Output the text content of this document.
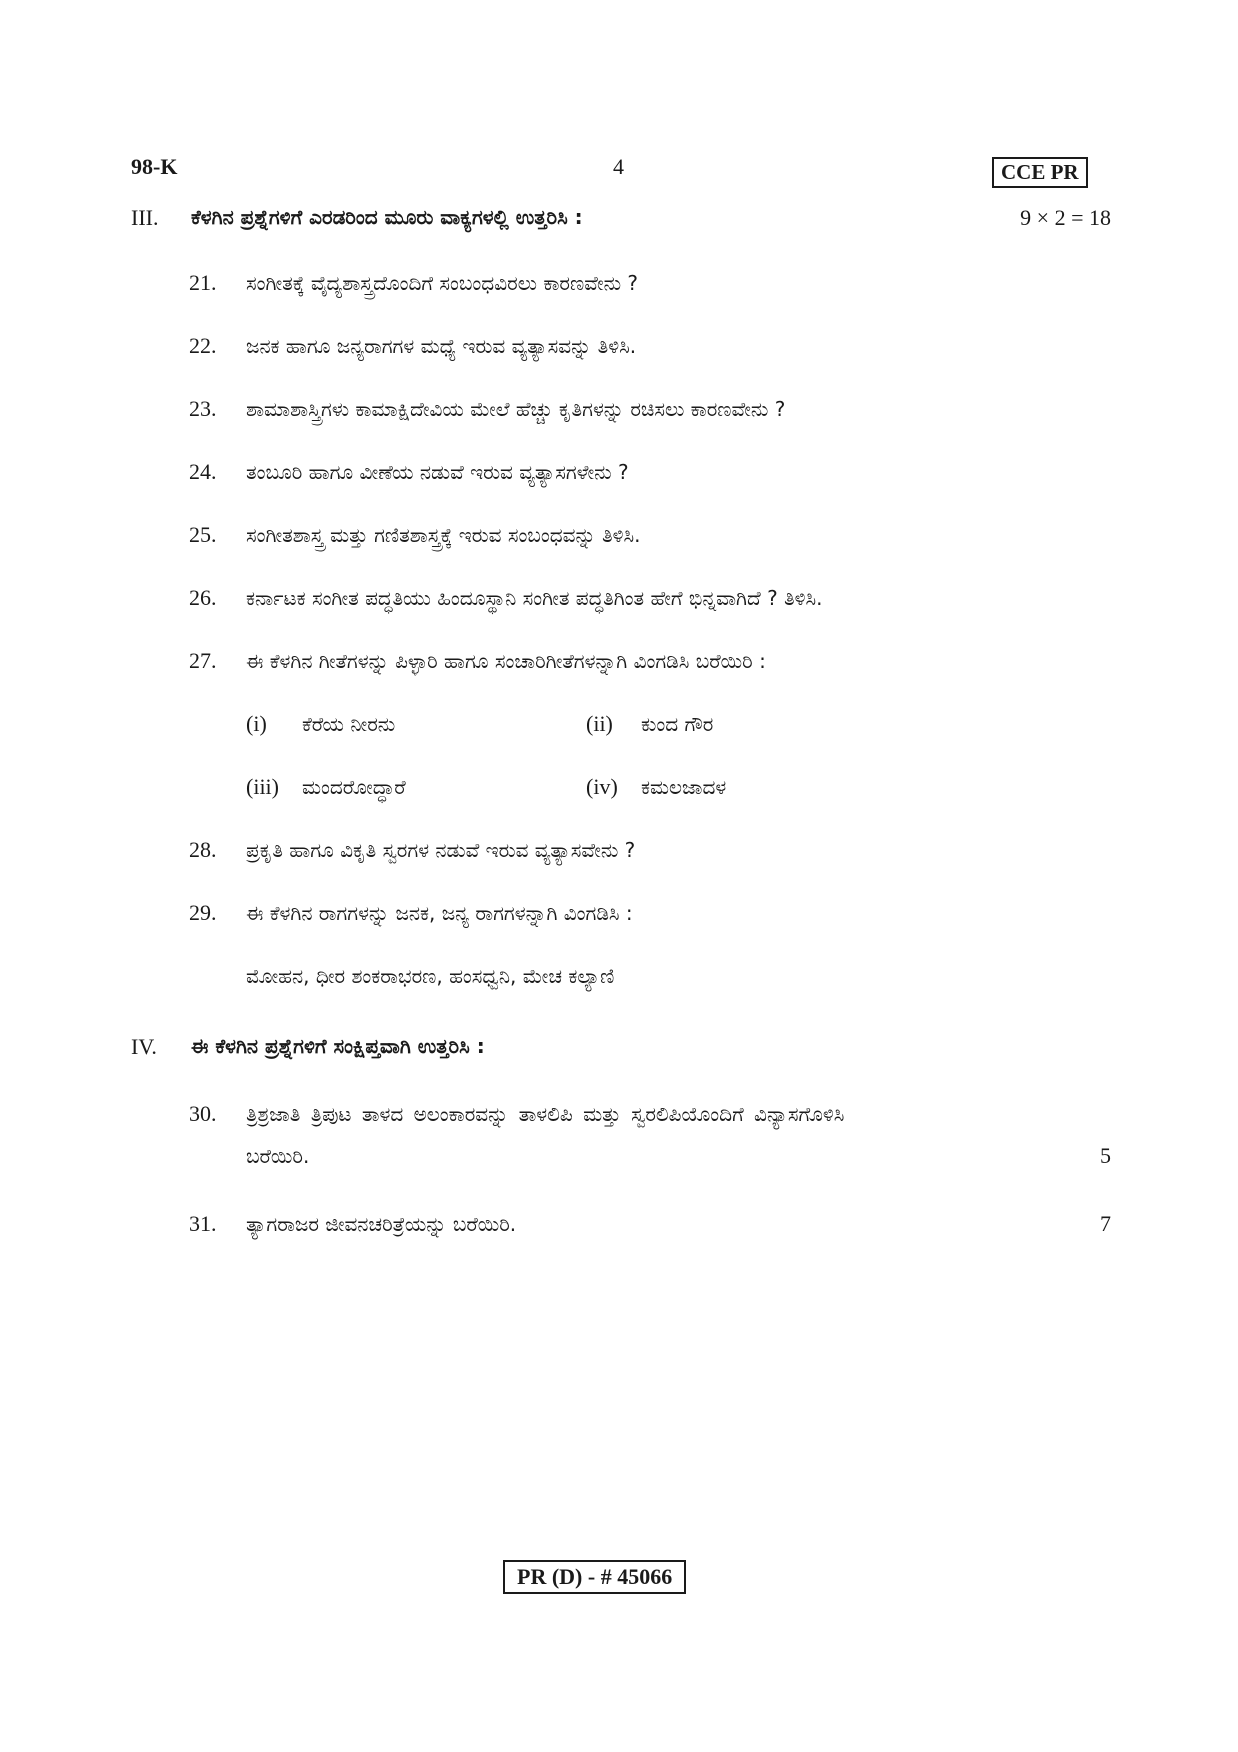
98-K	4	CCE PR
III. ಕೆಳಗಿನ ಪ್ರಶ್ನೆಗಳಿಗೆ ಎರಡರಿಂದ ಮೂರು ವಾಕ್ಯಗಳಲ್ಲಿ ಉತ್ತರಿಸಿ :	9 × 2 = 18
21. ಸಂಗೀತಕ್ಕೆ ವೈದ್ಯಶಾಸ್ತ್ರದೊಂದಿಗೆ ಸಂಬಂಧವಿರಲು ಕಾರಣವೇನು ?
22. ಜನಕ ಹಾಗೂ ಜನ್ಯರಾಗಗಳ ಮಧ್ಯೆ ಇರುವ ವ್ಯತ್ಯಾಸವನ್ನು ತಿಳಿಸಿ.
23. ಶಾಮಾಶಾಸ್ತ್ರಿಗಳು ಕಾಮಾಕ್ಷಿದೇವಿಯ ಮೇಲೆ ಹೆಚ್ಚು ಕೃತಿಗಳನ್ನು ರಚಿಸಲು ಕಾರಣವೇನು ?
24. ತಂಬೂರಿ ಹಾಗೂ ವೀಣೆಯ ನಡುವೆ ಇರುವ ವ್ಯತ್ಯಾಸಗಳೇನು ?
25. ಸಂಗೀತಶಾಸ್ತ್ರ ಮತ್ತು ಗಣಿತಶಾಸ್ತ್ರಕ್ಕೆ ಇರುವ ಸಂಬಂಧವನ್ನು ತಿಳಿಸಿ.
26. ಕರ್ನಾಟಕ ಸಂಗೀತ ಪದ್ಧತಿಯು ಹಿಂದೂಸ್ಥಾನಿ ಸಂಗೀತ ಪದ್ಧತಿಗಿಂತ ಹೇಗೆ ಭಿನ್ನವಾಗಿದೆ ? ತಿಳಿಸಿ.
27. ಈ ಕೆಳಗಿನ ಗೀತೆಗಳನ್ನು ಪಿಳ್ಳಾರಿ ಹಾಗೂ ಸಂಚಾರಿಗೀತೆಗಳನ್ನಾಗಿ ವಿಂಗಡಿಸಿ ಬರೆಯಿರಿ :
(i) ಕೆರೆಯ ನೀರನು	(ii) ಕುಂದ ಗೌರ
(iii) ಮಂದರೋದ್ಧಾರೆ	(iv) ಕಮಲಜಾದಳ
28. ಪ್ರಕೃತಿ ಹಾಗೂ ವಿಕೃತಿ ಸ್ವರಗಳ ನಡುವೆ ಇರುವ ವ್ಯತ್ಯಾಸವೇನು ?
29. ಈ ಕೆಳಗಿನ ರಾಗಗಳನ್ನು ಜನಕ, ಜನ್ಯ ರಾಗಗಳನ್ನಾಗಿ ವಿಂಗಡಿಸಿ :
ಮೋಹನ, ಧೀರ ಶಂಕರಾಭರಣ, ಹಂಸಧ್ವನಿ, ಮೇಚ ಕಲ್ಯಾಣಿ
IV. ಈ ಕೆಳಗಿನ ಪ್ರಶ್ನೆಗಳಿಗೆ ಸಂಕ್ಷಿಪ್ತವಾಗಿ ಉತ್ತರಿಸಿ :
30. ತ್ರಿಶ್ರಜಾತಿ ತ್ರಿಪುಟ ತಾಳದ ಅಲಂಕಾರವನ್ನು ತಾಳಲಿಪಿ ಮತ್ತು ಸ್ವರಲಿಪಿಯೊಂದಿಗೆ ವಿನ್ಯಾಸಗೊಳಿಸಿ
ಬರೆಯಿರಿ.	5
31. ತ್ಯಾಗರಾಜರ ಜೀವನಚರಿತ್ರೆಯನ್ನು ಬರೆಯಿರಿ.	7
PR (D) - # 45066
